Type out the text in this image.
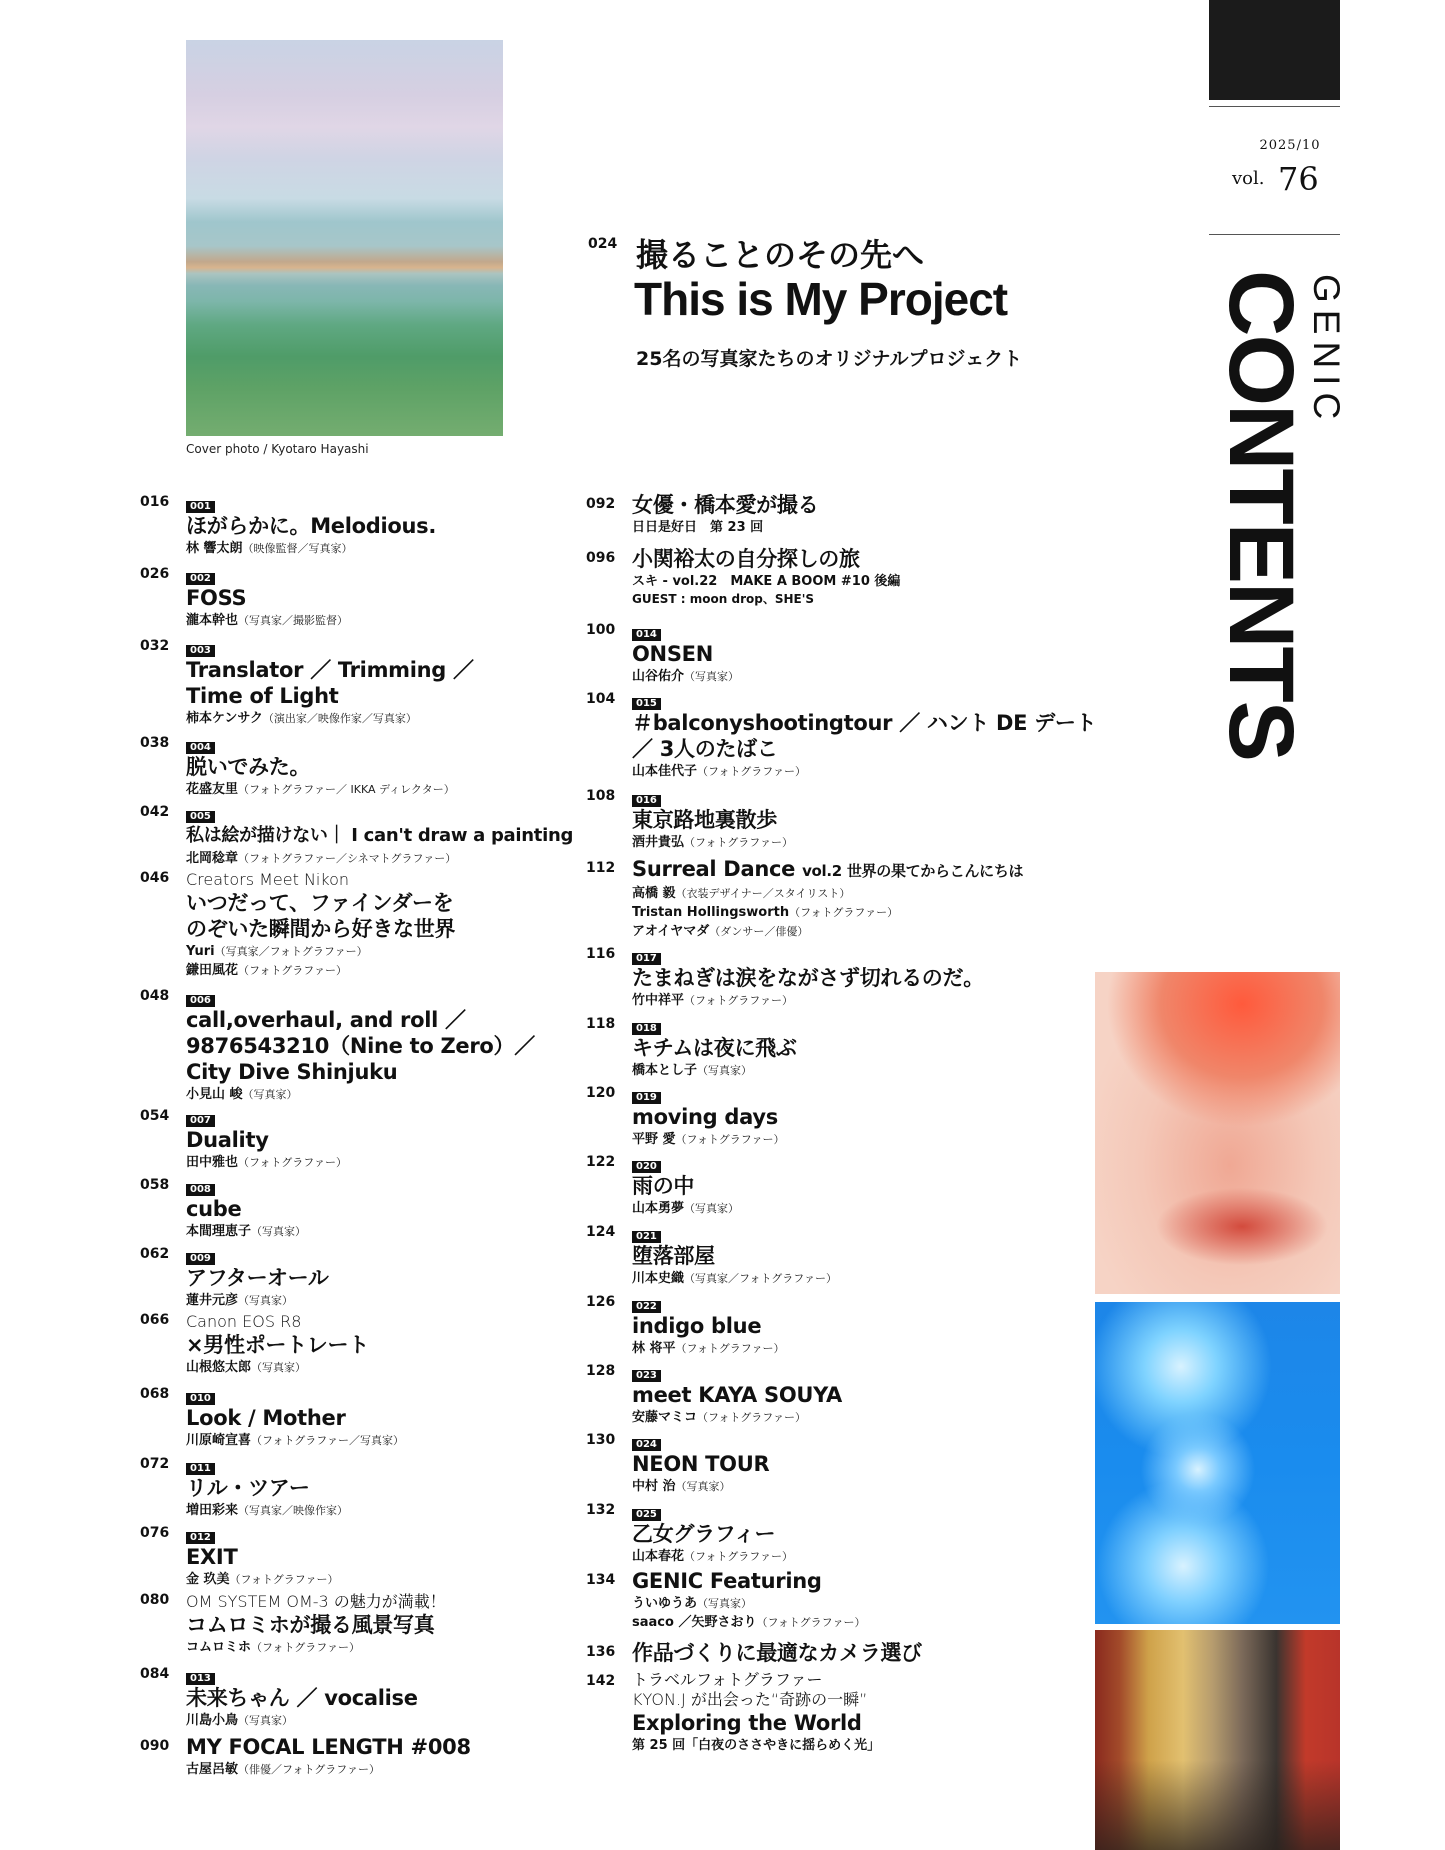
Cover photo / Kyotaro Hayashi
2025/10
vol. 76
CONTENTS
GENIC
024 撮ることのその先へ
This is My Project
25名の写真家たちのオリジナルプロジェクト
016	001
ほがらかに。Melodious.
林 響太朗（映像監督／写真家）
026	002
FOSS
瀧本幹也（写真家／撮影監督）
032	003
Translator ／ Trimming ／
Time of Light
柿本ケンサク（演出家／映像作家／写真家）
038	004
脱いでみた。
花盛友里（フォトグラファー／ IKKA ディレクター）
042	005
私は絵が描けない｜ I can't draw a painting
北岡稔章（フォトグラファー／シネマトグラファー）
046 Creators Meet Nikon
いつだって、ファインダーを
のぞいた瞬間から好きな世界
Yuri（写真家／フォトグラファー）
鎌田風花（フォトグラファー）
048	006
call,overhaul, and roll ／
9876543210（Nine to Zero）／
City Dive Shinjuku
小見山 峻（写真家）
054	007
Duality
田中雅也（フォトグラファー）
058	008
cube
本間理恵子（写真家）
062	009
アフターオール
蓮井元彦（写真家）
066 Canon EOS R8
×男性ポートレート
山根悠太郎（写真家）
068	010
Look / Mother
川原崎宣喜（フォトグラファー／写真家）
072	011
リル・ツアー
増田彩来（写真家／映像作家）
076	012
EXIT
金 玖美（フォトグラファー）
080 OM SYSTEM OM-3 の魅力が満載！
コムロミホが撮る風景写真
コムロミホ（フォトグラファー）
084	013
未来ちゃん ／ vocalise
川島小鳥（写真家）
090 MY FOCAL LENGTH #008
古屋呂敏（俳優／フォトグラファー）
092 女優・橋本愛が撮る
日日是好日　第 23 回
096 小関裕太の自分探しの旅
スキ - vol.22　MAKE A BOOM #10 後編
GUEST : moon drop、SHE'S
100	014
ONSEN
山谷佑介（写真家）
104	015
＃balconyshootingtour ／ ハント DE デート
／ 3人のたばこ
山本佳代子（フォトグラファー）
108	016
東京路地裏散歩
酒井貴弘（フォトグラファー）
112 Surreal Dance vol.2 世界の果てからこんにちは
高橋 毅（衣装デザイナー／スタイリスト）
Tristan Hollingsworth（フォトグラファー）
アオイヤマダ（ダンサー／俳優）
116	017
たまねぎは涙をながさず切れるのだ。
竹中祥平（フォトグラファー）
118	018
キチムは夜に飛ぶ
橋本とし子（写真家）
120	019
moving days
平野 愛（フォトグラファー）
122	020
雨の中
山本勇夢（写真家）
124	021
堕落部屋
川本史織（写真家／フォトグラファー）
126	022
indigo blue
林 将平（フォトグラファー）
128	023
meet KAYA SOUYA
安藤マミコ（フォトグラファー）
130	024
NEON TOUR
中村 治（写真家）
132	025
乙女グラフィー
山本春花（フォトグラファー）
134 GENIC Featuring
ういゆうあ（写真家）
saaco ／矢野さおり（フォトグラファー）
136 作品づくりに最適なカメラ選び
142 トラベルフォトグラファー
KYON.J が出会った“奇跡の一瞬”
Exploring the World
第 25 回「白夜のささやきに揺らめく光」
